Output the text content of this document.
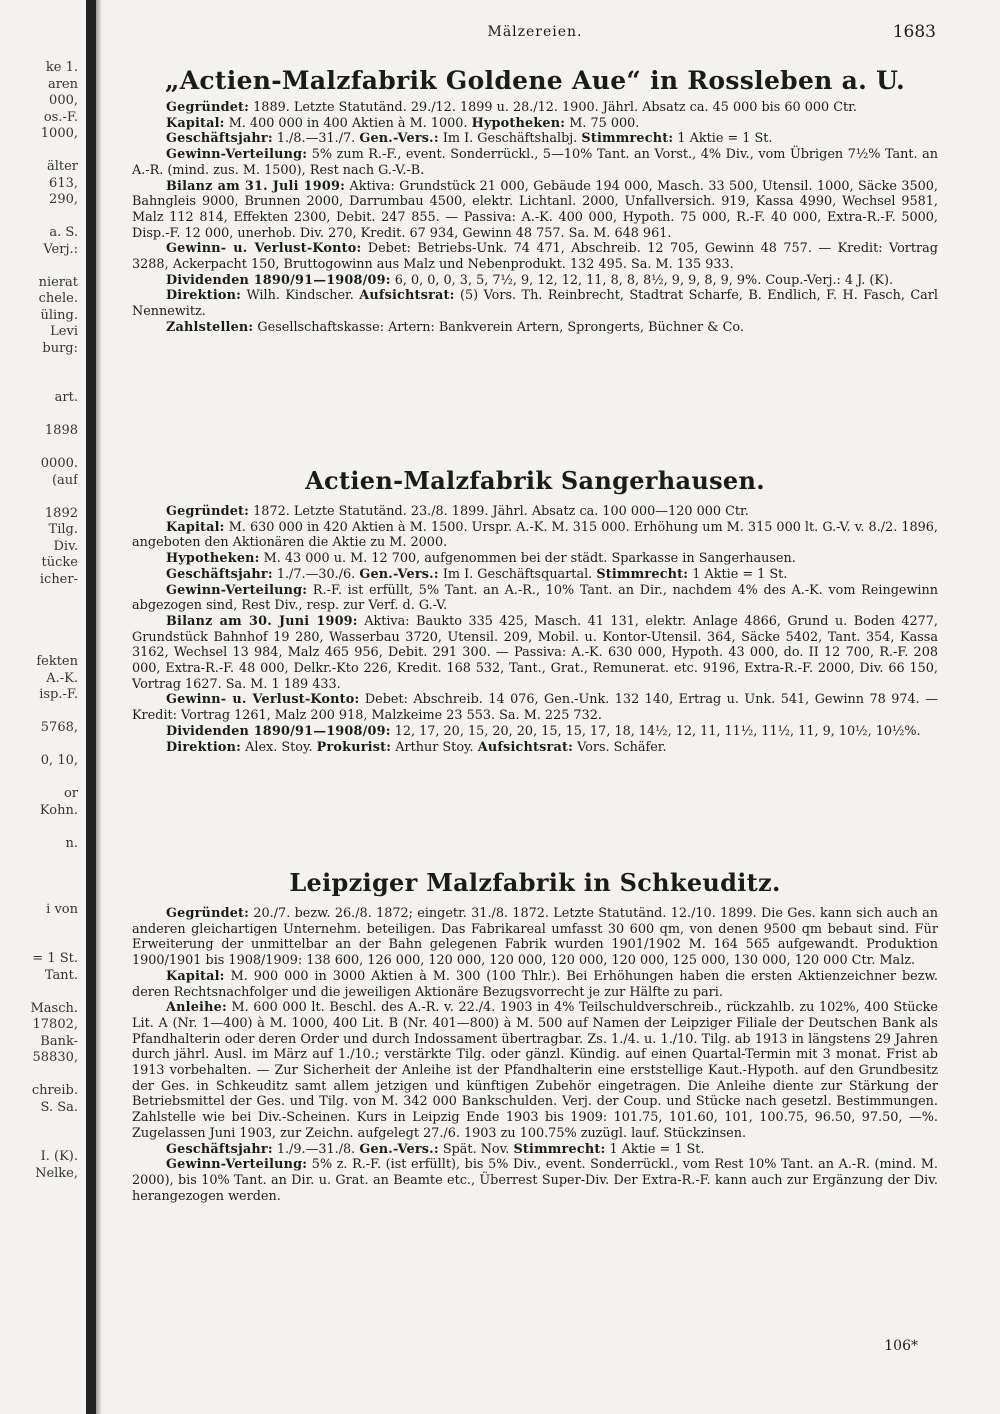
ke 1.
aren
000,
os.-F.
1000,
älter
613,
290,
a. S.
Verj.:
nierat
chele.
üling.
Levi
burg:
art.
1898
0000.
(auf
1892
Tilg.
Div.
tücke
icher-
fekten
A.-K.
isp.-F.
5768,
0, 10,
or
Kohn.
n.
i von
= 1 St.
Tant.
Masch.
17802,
Bank-
58830,
chreib.
S. Sa.
I. (K).
Nelke,
Mälzereien.	1683
„Actien-Malzfabrik Goldene Aue“ in Rossleben a. U.

Gegründet: 1889. Letzte Statutänd. 29./12. 1899 u. 28./12. 1900. Jährl. Absatz ca. 45 000 bis 60 000 Ctr.

Kapital: M. 400 000 in 400 Aktien à M. 1000. Hypotheken: M. 75 000.

Geschäftsjahr: 1./8.—31./7. Gen.-Vers.: Im I. Geschäftshalbj. Stimmrecht: 1 Aktie = 1 St.

Gewinn-Verteilung: 5% zum R.-F., event. Sonderrückl., 5—10% Tant. an Vorst., 4% Div., vom Übrigen 7½% Tant. an A.-R. (mind. zus. M. 1500), Rest nach G.-V.-B.

Bilanz am 31. Juli 1909: Aktiva: Grundstück 21 000, Gebäude 194 000, Masch. 33 500, Utensil. 1000, Säcke 3500, Bahngleis 9000, Brunnen 2000, Darrumbau 4500, elektr. Lichtanl. 2000, Unfallversich. 919, Kassa 4990, Wechsel 9581, Malz 112 814, Effekten 2300, Debit. 247 855. — Passiva: A.-K. 400 000, Hypoth. 75 000, R.-F. 40 000, Extra-R.-F. 5000, Disp.-F. 12 000, unerhob. Div. 270, Kredit. 67 934, Gewinn 48 757. Sa. M. 648 961.

Gewinn- u. Verlust-Konto: Debet: Betriebs-Unk. 74 471, Abschreib. 12 705, Gewinn 48 757. — Kredit: Vortrag 3288, Ackerpacht 150, Bruttogowinn aus Malz und Nebenprodukt. 132 495. Sa. M. 135 933.

Dividenden 1890/91—1908/09: 6, 0, 0, 0, 3, 5, 7½, 9, 12, 12, 11, 8, 8, 8½, 9, 9, 8, 9, 9%. Coup.-Verj.: 4 J. (K).

Direktion: Wilh. Kindscher. Aufsichtsrat: (5) Vors. Th. Reinbrecht, Stadtrat Scharfe, B. Endlich, F. H. Fasch, Carl Nennewitz.

Zahlstellen: Gesellschaftskasse: Artern: Bankverein Artern, Sprongerts, Büchner & Co.

Actien-Malzfabrik Sangerhausen.

Gegründet: 1872. Letzte Statutänd. 23./8. 1899. Jährl. Absatz ca. 100 000—120 000 Ctr.

Kapital: M. 630 000 in 420 Aktien à M. 1500. Urspr. A.-K. M. 315 000. Erhöhung um M. 315 000 lt. G.-V. v. 8./2. 1896, angeboten den Aktionären die Aktie zu M. 2000.

Hypotheken: M. 43 000 u. M. 12 700, aufgenommen bei der städt. Sparkasse in Sangerhausen.

Geschäftsjahr: 1./7.—30./6. Gen.-Vers.: Im I. Geschäftsquartal. Stimmrecht: 1 Aktie = 1 St.

Gewinn-Verteilung: R.-F. ist erfüllt, 5% Tant. an A.-R., 10% Tant. an Dir., nachdem 4% des A.-K. vom Reingewinn abgezogen sind, Rest Div., resp. zur Verf. d. G.-V.

Bilanz am 30. Juni 1909: Aktiva: Baukto 335 425, Masch. 41 131, elektr. Anlage 4866, Grund u. Boden 4277, Grundstück Bahnhof 19 280, Wasserbau 3720, Utensil. 209, Mobil. u. Kontor-Utensil. 364, Säcke 5402, Tant. 354, Kassa 3162, Wechsel 13 984, Malz 465 956, Debit. 291 300. — Passiva: A.-K. 630 000, Hypoth. 43 000, do. II 12 700, R.-F. 208 000, Extra-R.-F. 48 000, Delkr.-Kto 226, Kredit. 168 532, Tant., Grat., Remunerat. etc. 9196, Extra-R.-F. 2000, Div. 66 150, Vortrag 1627. Sa. M. 1 189 433.

Gewinn- u. Verlust-Konto: Debet: Abschreib. 14 076, Gen.-Unk. 132 140, Ertrag u. Unk. 541, Gewinn 78 974. — Kredit: Vortrag 1261, Malz 200 918, Malzkeime 23 553. Sa. M. 225 732.

Dividenden 1890/91—1908/09: 12, 17, 20, 15, 20, 20, 15, 15, 17, 18, 14½, 12, 11, 11½, 11½, 11, 9, 10½, 10½%.

Direktion: Alex. Stoy. Prokurist: Arthur Stoy. Aufsichtsrat: Vors. Schäfer.

Leipziger Malzfabrik in Schkeuditz.

Gegründet: 20./7. bezw. 26./8. 1872; eingetr. 31./8. 1872. Letzte Statutänd. 12./10. 1899. Die Ges. kann sich auch an anderen gleichartigen Unternehm. beteiligen. Das Fabrikareal umfasst 30 600 qm, von denen 9500 qm bebaut sind. Für Erweiterung der unmittelbar an der Bahn gelegenen Fabrik wurden 1901/1902 M. 164 565 aufgewandt. Produktion 1900/1901 bis 1908/1909: 138 600, 126 000, 120 000, 120 000, 120 000, 120 000, 125 000, 130 000, 120 000 Ctr. Malz.

Kapital: M. 900 000 in 3000 Aktien à M. 300 (100 Thlr.). Bei Erhöhungen haben die ersten Aktienzeichner bezw. deren Rechtsnachfolger und die jeweiligen Aktionäre Bezugsvorrecht je zur Hälfte zu pari.

Anleihe: M. 600 000 lt. Beschl. des A.-R. v. 22./4. 1903 in 4% Teilschuldverschreib., rückzahlb. zu 102%, 400 Stücke Lit. A (Nr. 1—400) à M. 1000, 400 Lit. B (Nr. 401—800) à M. 500 auf Namen der Leipziger Filiale der Deutschen Bank als Pfandhalterin oder deren Order und durch Indossament übertragbar. Zs. 1./4. u. 1./10. Tilg. ab 1913 in längstens 29 Jahren durch jährl. Ausl. im März auf 1./10.; verstärkte Tilg. oder gänzl. Kündig. auf einen Quartal-Termin mit 3 monat. Frist ab 1913 vorbehalten. — Zur Sicherheit der Anleihe ist der Pfandhalterin eine erststellige Kaut.-Hypoth. auf den Grundbesitz der Ges. in Schkeuditz samt allem jetzigen und künftigen Zubehör eingetragen. Die Anleihe diente zur Stärkung der Betriebsmittel der Ges. und Tilg. von M. 342 000 Bankschulden. Verj. der Coup. und Stücke nach gesetzl. Bestimmungen. Zahlstelle wie bei Div.-Scheinen. Kurs in Leipzig Ende 1903 bis 1909: 101.75, 101.60, 101, 100.75, 96.50, 97.50, —%. Zugelassen Juni 1903, zur Zeichn. aufgelegt 27./6. 1903 zu 100.75% zuzügl. lauf. Stückzinsen.

Geschäftsjahr: 1./9.—31./8. Gen.-Vers.: Spät. Nov. Stimmrecht: 1 Aktie = 1 St.

Gewinn-Verteilung: 5% z. R.-F. (ist erfüllt), bis 5% Div., event. Sonderrückl., vom Rest 10% Tant. an A.-R. (mind. M. 2000), bis 10% Tant. an Dir. u. Grat. an Beamte etc., Überrest Super-Div. Der Extra-R.-F. kann auch zur Ergänzung der Div. herangezogen werden.

106*
